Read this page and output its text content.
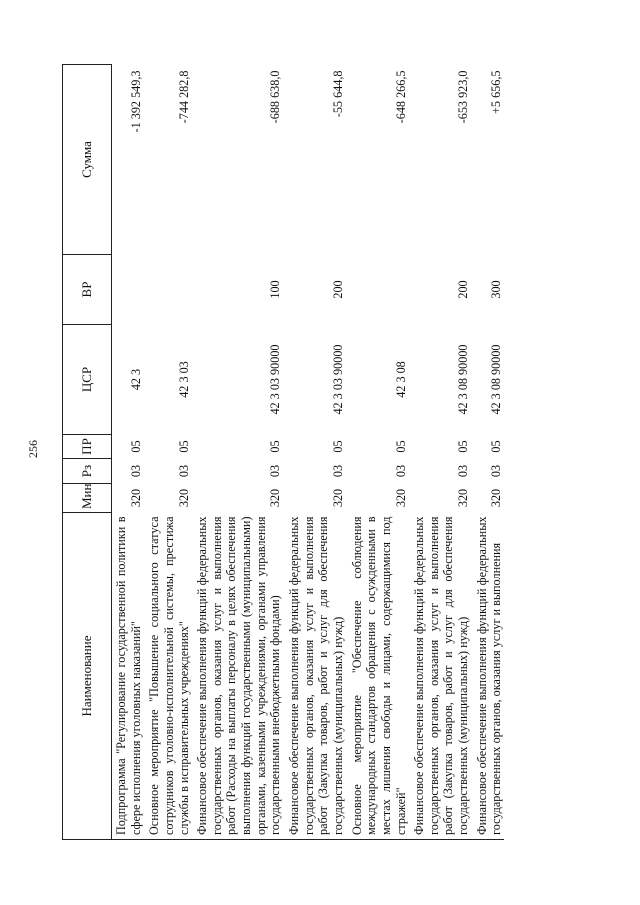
256
Наименование	Мин	Рз	ПР	ЦСР	ВР	Сумма
Подпрограмма "Регулирование государственной политики в сфере исполнения уголовных наказаний"	320	03	05	42 3		-1 392 549,3
Основное мероприятие "Повышение социального статуса сотрудников уголовно-исполнительной системы, престижа службы в исправительных учреждениях"	320	03	05	42 3 03		-744 282,8
Финансовое обеспечение выполнения функций федеральных государственных органов, оказания услуг и выполнения работ (Расходы на выплаты персоналу в целях обеспечения выполнения функций государственными (муниципальными) органами, казенными учреждениями, органами управления государственными внебюджетными фондами)	320	03	05	42 3 03 90000	100	-688 638,0
Финансовое обеспечение выполнения функций федеральных государственных органов, оказания услуг и выполнения работ (Закупка товаров, работ и услуг для обеспечения государственных (муниципальных) нужд)	320	03	05	42 3 03 90000	200	-55 644,8
Основное мероприятие "Обеспечение соблюдения международных стандартов обращения с осужденными в местах лишения свободы и лицами, содержащимися под стражей"	320	03	05	42 3 08		-648 266,5
Финансовое обеспечение выполнения функций федеральных государственных органов, оказания услуг и выполнения работ (Закупка товаров, работ и услуг для обеспечения государственных (муниципальных) нужд)	320	03	05	42 3 08 90000	200	-653 923,0
Финансовое обеспечение выполнения функций федеральных государственных органов, оказания услуг и выполнения	320	03	05	42 3 08 90000	300	+5 656,5
